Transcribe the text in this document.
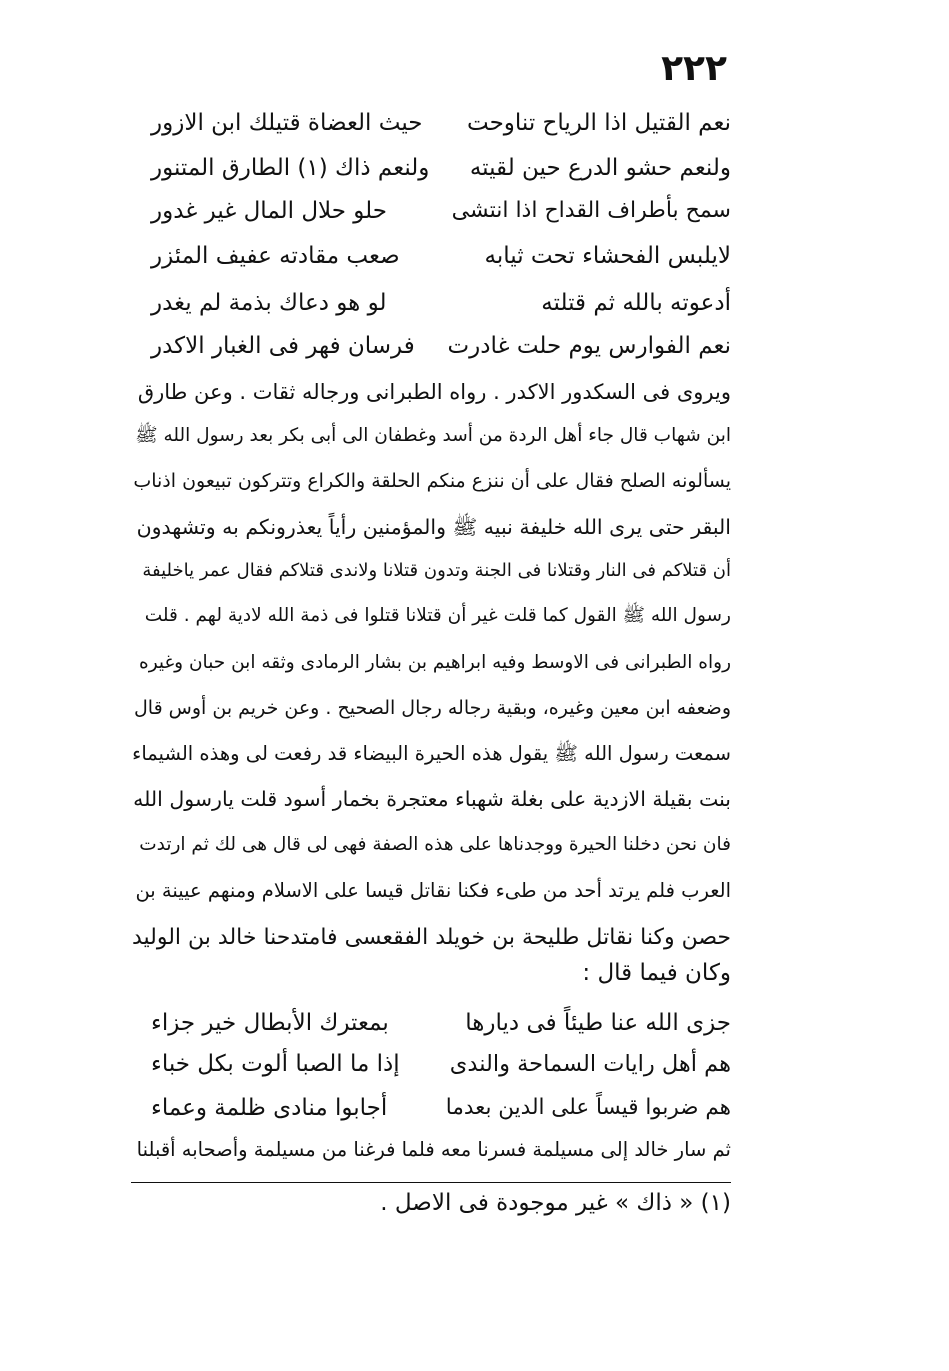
٢٢٢
نعم القتيل اذا الرياح تناوحت
حيث العضاة قتيلك ابن الازور
ولنعم حشو الدرع حين لقيته
ولنعم ذاك (١) الطارق المتنور
سمح بأطراف القداح اذا انتشى
حلو حلال المال غير غدور
لايلبس الفحشاء تحت ثيابه
صعب مقادته عفيف المئزر
أدعوته بالله ثم قتلته
لو هو دعاك بذمة لم يغدر
نعم الفوارس يوم حلت غادرت
فرسان فهر فى الغبار الاكدر
ويروى فى السكدور الاكدر . رواه الطبرانى ورجاله ثقات . وعن طارق
ابن شهاب قال جاء أهل الردة من أسد وغطفان الى أبى بكر بعد رسول الله ﷺ
يسألونه الصلح فقال على أن ننزع منكم الحلقة والكراع وتتركون تبيعون اذناب
البقر حتى يرى الله خليفة نبيه ﷺ والمؤمنين رأياً يعذرونكم به وتشهدون
أن قتلاكم فى النار وقتلانا فى الجنة وتدون قتلانا ولاندى قتلاكم فقال عمر ياخليفة
رسول الله ﷺ القول كما قلت غير أن قتلانا قتلوا فى ذمة الله لادية لهم . قلت
رواه الطبرانى فى الاوسط وفيه ابراهيم بن بشار الرمادى وثقه ابن حبان وغيره
وضعفه ابن معين وغيره، وبقية رجاله رجال الصحيح . وعن خريم بن أوس قال
سمعت رسول الله ﷺ يقول هذه الحيرة البيضاء قد رفعت لى وهذه الشيماء
بنت بقيلة الازدية على بغلة شهباء معتجرة بخمار أسود قلت يارسول الله
فان نحن دخلنا الحيرة ووجدناها على هذه الصفة فهى لى قال هى لك ثم ارتدت
العرب فلم يرتد أحد من طىء فكنا نقاتل قيسا على الاسلام ومنهم عيينة بن
حصن وكنا نقاتل طليحة بن خويلد الفقعسى فامتدحنا خالد بن الوليد
وكان فيما قال :
جزى الله عنا طيئاً فى ديارها
بمعترك الأبطال خير جزاء
هم أهل رايات السماحة والندى
إذا ما الصبا ألوت بكل خباء
هم ضربوا قيساً على الدين بعدما
أجابوا منادى ظلمة وعماء
ثم سار خالد إلى مسيلمة فسرنا معه فلما فرغنا من مسيلمة وأصحابه أقبلنا
(١) « ذاك » غير موجودة فى الاصل .
